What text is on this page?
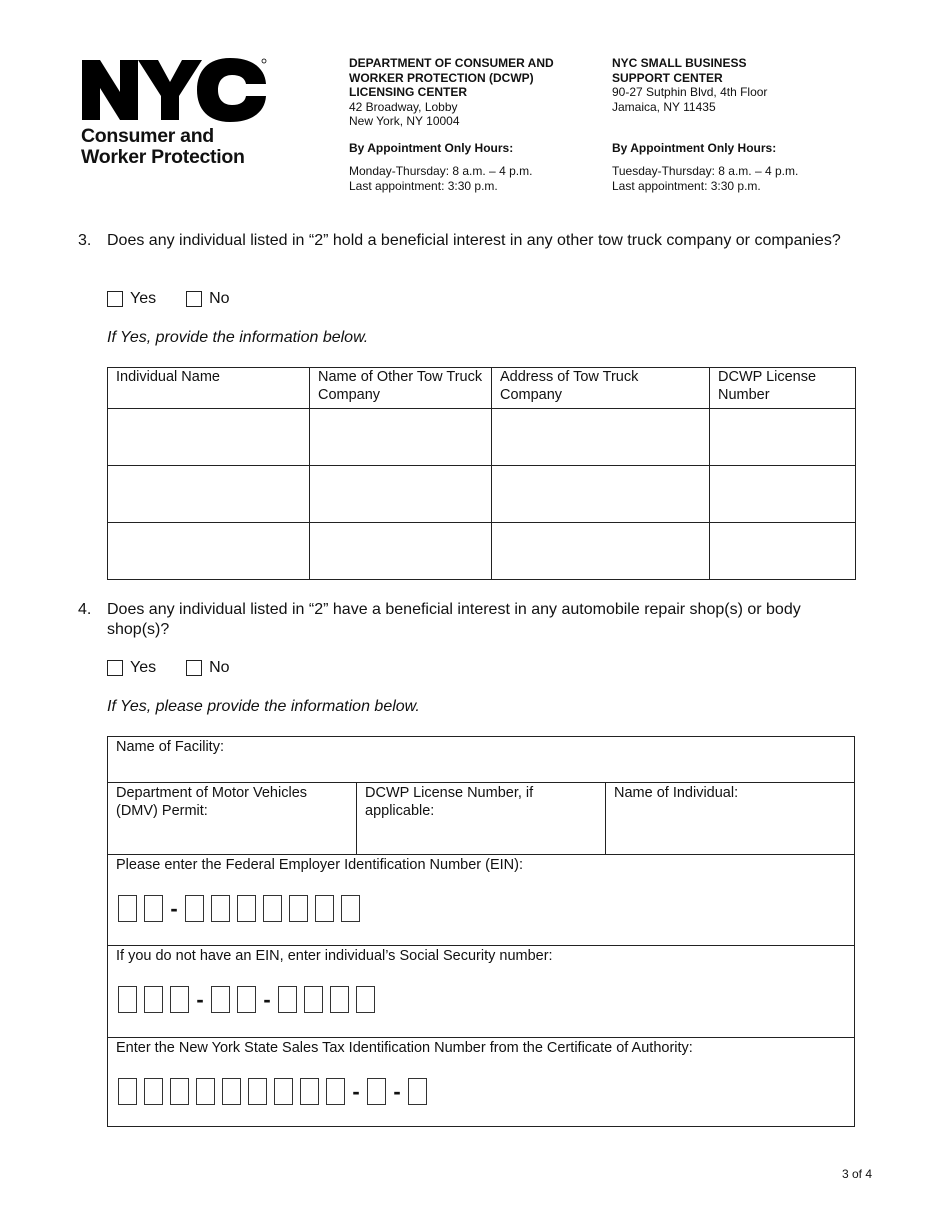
Consumer and
Worker Protection
DEPARTMENT OF CONSUMER AND
WORKER PROTECTION (DCWP)
LICENSING CENTER
42 Broadway, Lobby
New York, NY 10004
By Appointment Only Hours:
Monday-Thursday: 8 a.m. – 4 p.m.
Last appointment: 3:30 p.m.
NYC SMALL BUSINESS
SUPPORT CENTER
90-27 Sutphin Blvd, 4th Floor
Jamaica, NY 11435
By Appointment Only Hours:
Tuesday-Thursday: 8 a.m. – 4 p.m.
Last appointment: 3:30 p.m.
3. Does any individual listed in “2” hold a beneficial interest in any other tow truck company or companies?
Yes	No
If Yes, provide the information below.
Individual Name	Name of Other Tow Truck Company	Address of Tow Truck Company	DCWP License Number

4. Does any individual listed in “2” have a beneficial interest in any automobile repair shop(s) or body shop(s)?
Yes	No
If Yes, please provide the information below.
Name of Facility:
Department of Motor Vehicles (DMV) Permit:
DCWP License Number, if applicable:
Name of Individual:
Please enter the Federal Employer Identification Number (EIN):
-
If you do not have an EIN, enter individual’s Social Security number:
-	-
Enter the New York State Sales Tax Identification Number from the Certificate of Authority:
- -
3 of 4
